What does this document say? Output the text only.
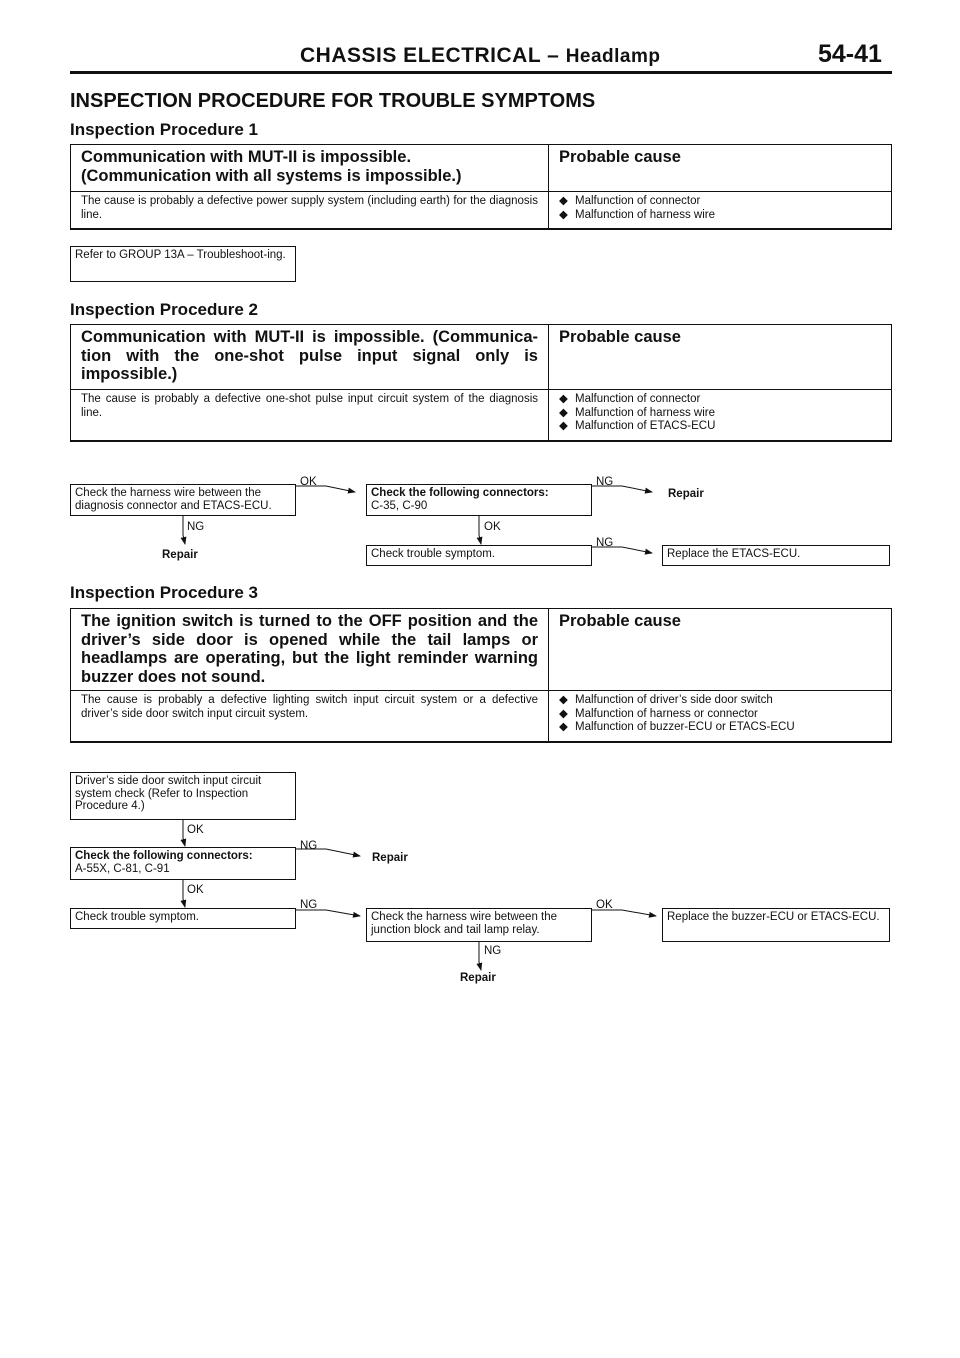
CHASSIS ELECTRICAL – Headlamp	54-41
INSPECTION PROCEDURE FOR TROUBLE SYMPTOMS
Inspection Procedure 1
Communication with MUT-II is impossible.
(Communication with all systems is impossible.)
Probable cause
The cause is probably a defective power supply system (including earth) for the diagnosis line.
◆ Malfunction of connector
◆ Malfunction of harness wire
Refer to GROUP 13A – Troubleshoot-ing.
Inspection Procedure 2
Communication with MUT-II is impossible. (Communica-tion with the one-shot pulse input signal only is impossible.)
Probable cause
The cause is probably a defective one-shot pulse input circuit system of the diagnosis line.
◆ Malfunction of connector
◆ Malfunction of harness wire
◆ Malfunction of ETACS-ECU
Check the harness wire between the diagnosis connector and ETACS-ECU.
Check the following connectors:
C-35, C-90
Check trouble symptom.	Replace the ETACS-ECU.
OK	NG
Repair
NG	OK
Repair
NG
Inspection Procedure 3
The ignition switch is turned to the OFF position and the driver’s side door is opened while the tail lamps or headlamps are operating, but the light reminder warning buzzer does not sound.
Probable cause
The cause is probably a defective lighting switch input circuit system or a defective driver’s side door switch input circuit system.
◆ Malfunction of driver’s side door switch
◆ Malfunction of harness or connector
◆ Malfunction of buzzer-ECU or ETACS-ECU
Driver’s side door switch input circuit system check (Refer to Inspection Procedure 4.)
Check the following connectors:
A-55X, C-81, C-91
Check trouble symptom.	Check the harness wire between the junction block and tail lamp relay.
Replace the buzzer-ECU or ETACS-ECU.
OK
NG
Repair
OK
NG	OK
NG
Repair
